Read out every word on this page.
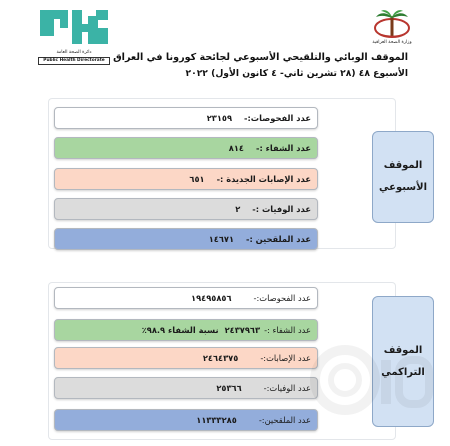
دائرة الصحة العامة
Public Health Directorate
وزارة الصحة العراقية
الموقف الوبائي والتلقيحي الأسبوعي لجائحة كورونا في العراق
الأسبوع ٤٨ (٢٨ تشرين ثاني- ٤ كانون الأول) ٢٠٢٢
الموقف
الأسبوعي
عدد الفحوصات:-
٢٣١٥٩
عدد الشفاء :-
٨١٤
عدد الإصابات الجديدة :-
٦٥١
عدد الوفيات :-
٢
عدد الملقحين :-
١٤٦٧١
الموقف
التراكمي
عدد الفحوصات:-
١٩٤٩٥٨٥٦
عدد الشفاء :-
٢٤٣٧٩٦٣
نسبة الشفاء ٩٨.٩٪
عدد الإصابات:-
٢٤٦٤٣٧٥
عدد الوفيات:-
٢٥٣٦٦
عدد الملقحين:-
١١٣٣٣٢٨٥
